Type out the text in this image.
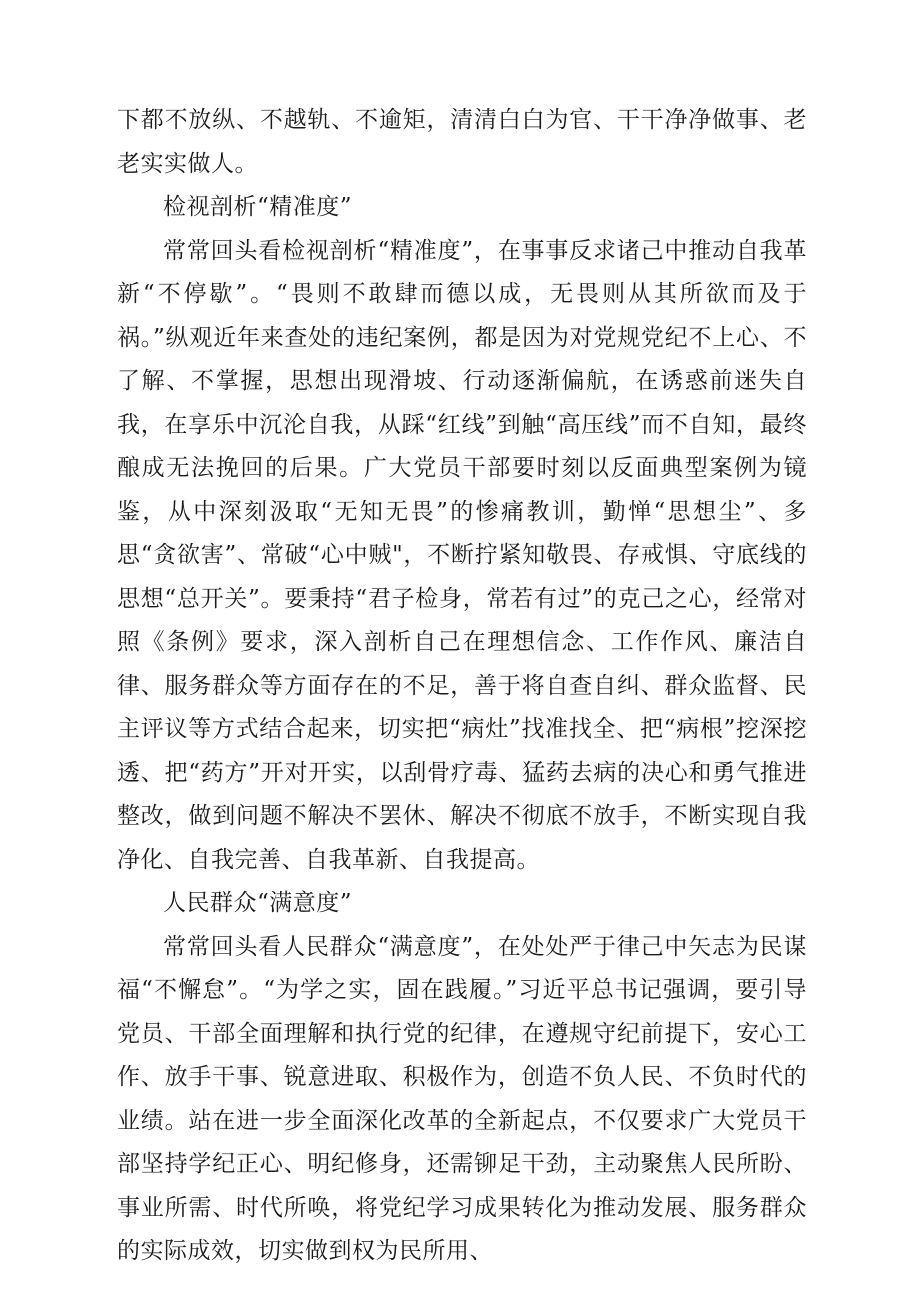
下都不放纵、不越轨、不逾矩，清清白白为官、干干净净做事、老老实实做人。

检视剖析“精准度”

常常回头看检视剖析“精准度”，在事事反求诸己中推动自我革新“不停歇”。“畏则不敢肆而德以成，无畏则从其所欲而及于祸。”纵观近年来查处的违纪案例，都是因为对党规党纪不上心、不了解、不掌握，思想出现滑坡、行动逐渐偏航，在诱惑前迷失自我，在享乐中沉沦自我，从踩“红线”到触“高压线”而不自知，最终酿成无法挽回的后果。广大党员干部要时刻以反面典型案例为镜鉴，从中深刻汲取“无知无畏”的惨痛教训，勤惮“思想尘”、多思“贪欲害”、常破“心中贼"，不断拧紧知敬畏、存戒惧、守底线的思想“总开关”。要秉持“君子检身，常若有过”的克己之心，经常对照《条例》要求，深入剖析自己在理想信念、工作作风、廉洁自律、服务群众等方面存在的不足，善于将自查自纠、群众监督、民主评议等方式结合起来，切实把“病灶”找准找全、把“病根”挖深挖透、把“药方”开对开实，以刮骨疗毒、猛药去病的决心和勇气推进整改，做到问题不解决不罢休、解决不彻底不放手，不断实现自我净化、自我完善、自我革新、自我提高。

人民群众“满意度”

常常回头看人民群众“满意度”，在处处严于律己中矢志为民谋福“不懈怠”。“为学之实，固在践履。”习近平总书记强调，要引导党员、干部全面理解和执行党的纪律，在遵规守纪前提下，安心工作、放手干事、锐意进取、积极作为，创造不负人民、不负时代的业绩。站在进一步全面深化改革的全新起点，不仅要求广大党员干部坚持学纪正心、明纪修身，还需铆足干劲，主动聚焦人民所盼、事业所需、时代所唤，将党纪学习成果转化为推动发展、服务群众的实际成效，切实做到权为民所用、
